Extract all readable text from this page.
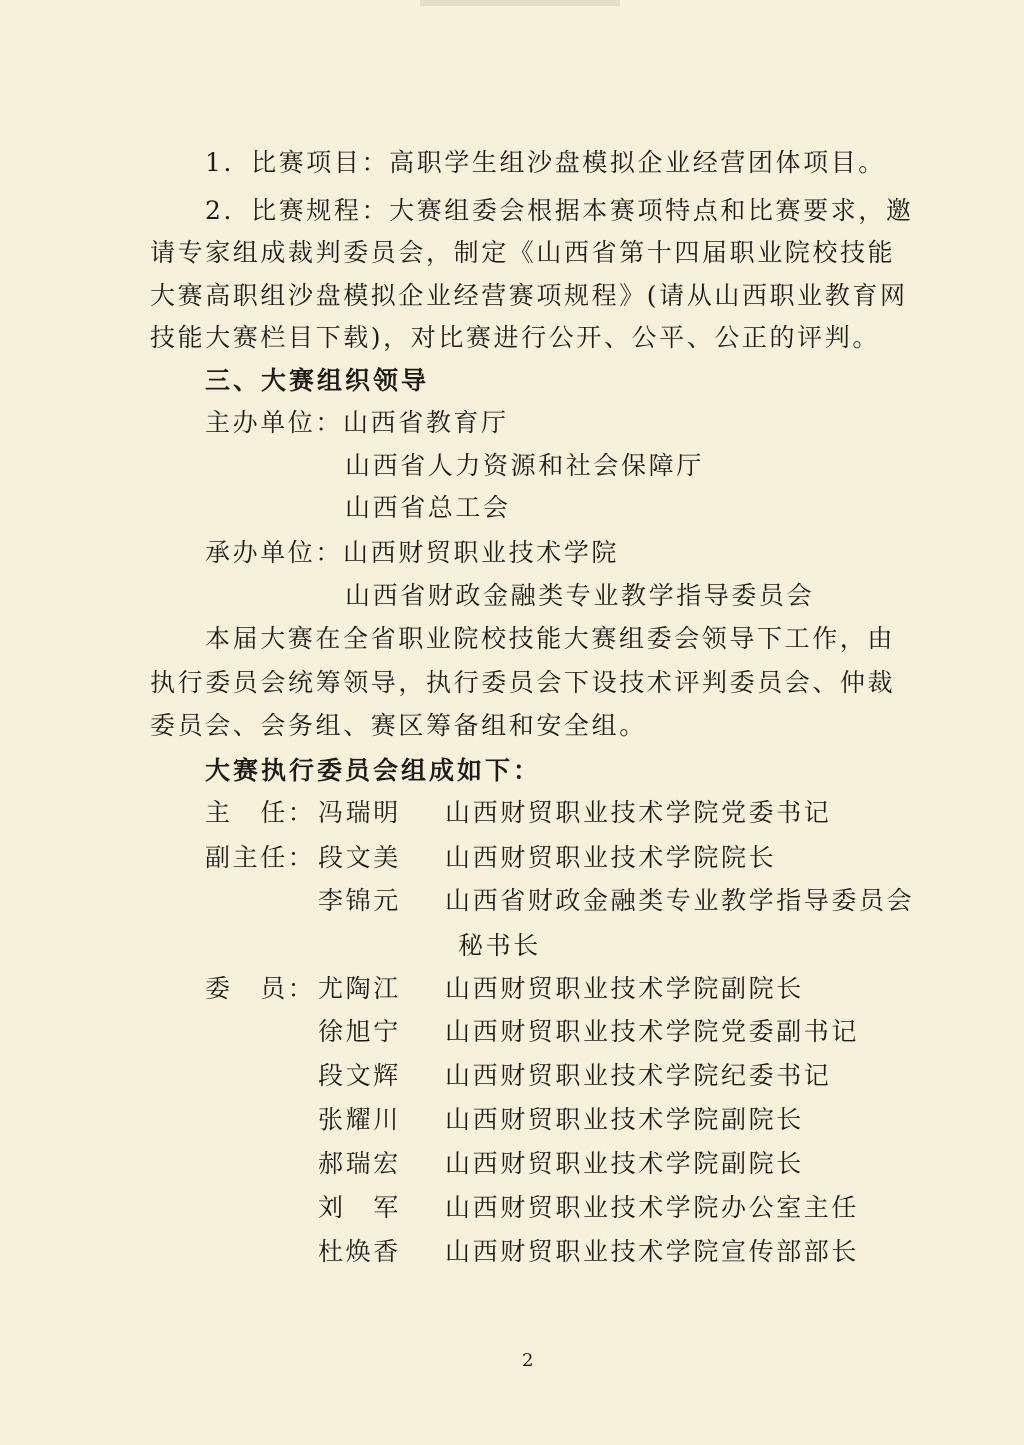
1．比赛项目：高职学生组沙盘模拟企业经营团体项目。
2．比赛规程：大赛组委会根据本赛项特点和比赛要求，邀
请专家组成裁判委员会，制定《山西省第十四届职业院校技能
大赛高职组沙盘模拟企业经营赛项规程》(请从山西职业教育网
技能大赛栏目下载)，对比赛进行公开、公平、公正的评判。
三、大赛组织领导
主办单位：山西省教育厅
山西省人力资源和社会保障厅
山西省总工会
承办单位：山西财贸职业技术学院
山西省财政金融类专业教学指导委员会
本届大赛在全省职业院校技能大赛组委会领导下工作，由
执行委员会统筹领导，执行委员会下设技术评判委员会、仲裁
委员会、会务组、赛区筹备组和安全组。
大赛执行委员会组成如下：
主　任： 冯瑞明 山西财贸职业技术学院党委书记
副主任： 段文美 山西财贸职业技术学院院长
李锦元 山西省财政金融类专业教学指导委员会
秘书长
委　员： 尤陶江 山西财贸职业技术学院副院长
徐旭宁 山西财贸职业技术学院党委副书记
段文辉 山西财贸职业技术学院纪委书记
张耀川 山西财贸职业技术学院副院长
郝瑞宏 山西财贸职业技术学院副院长
刘　军 山西财贸职业技术学院办公室主任
杜焕香 山西财贸职业技术学院宣传部部长
2
